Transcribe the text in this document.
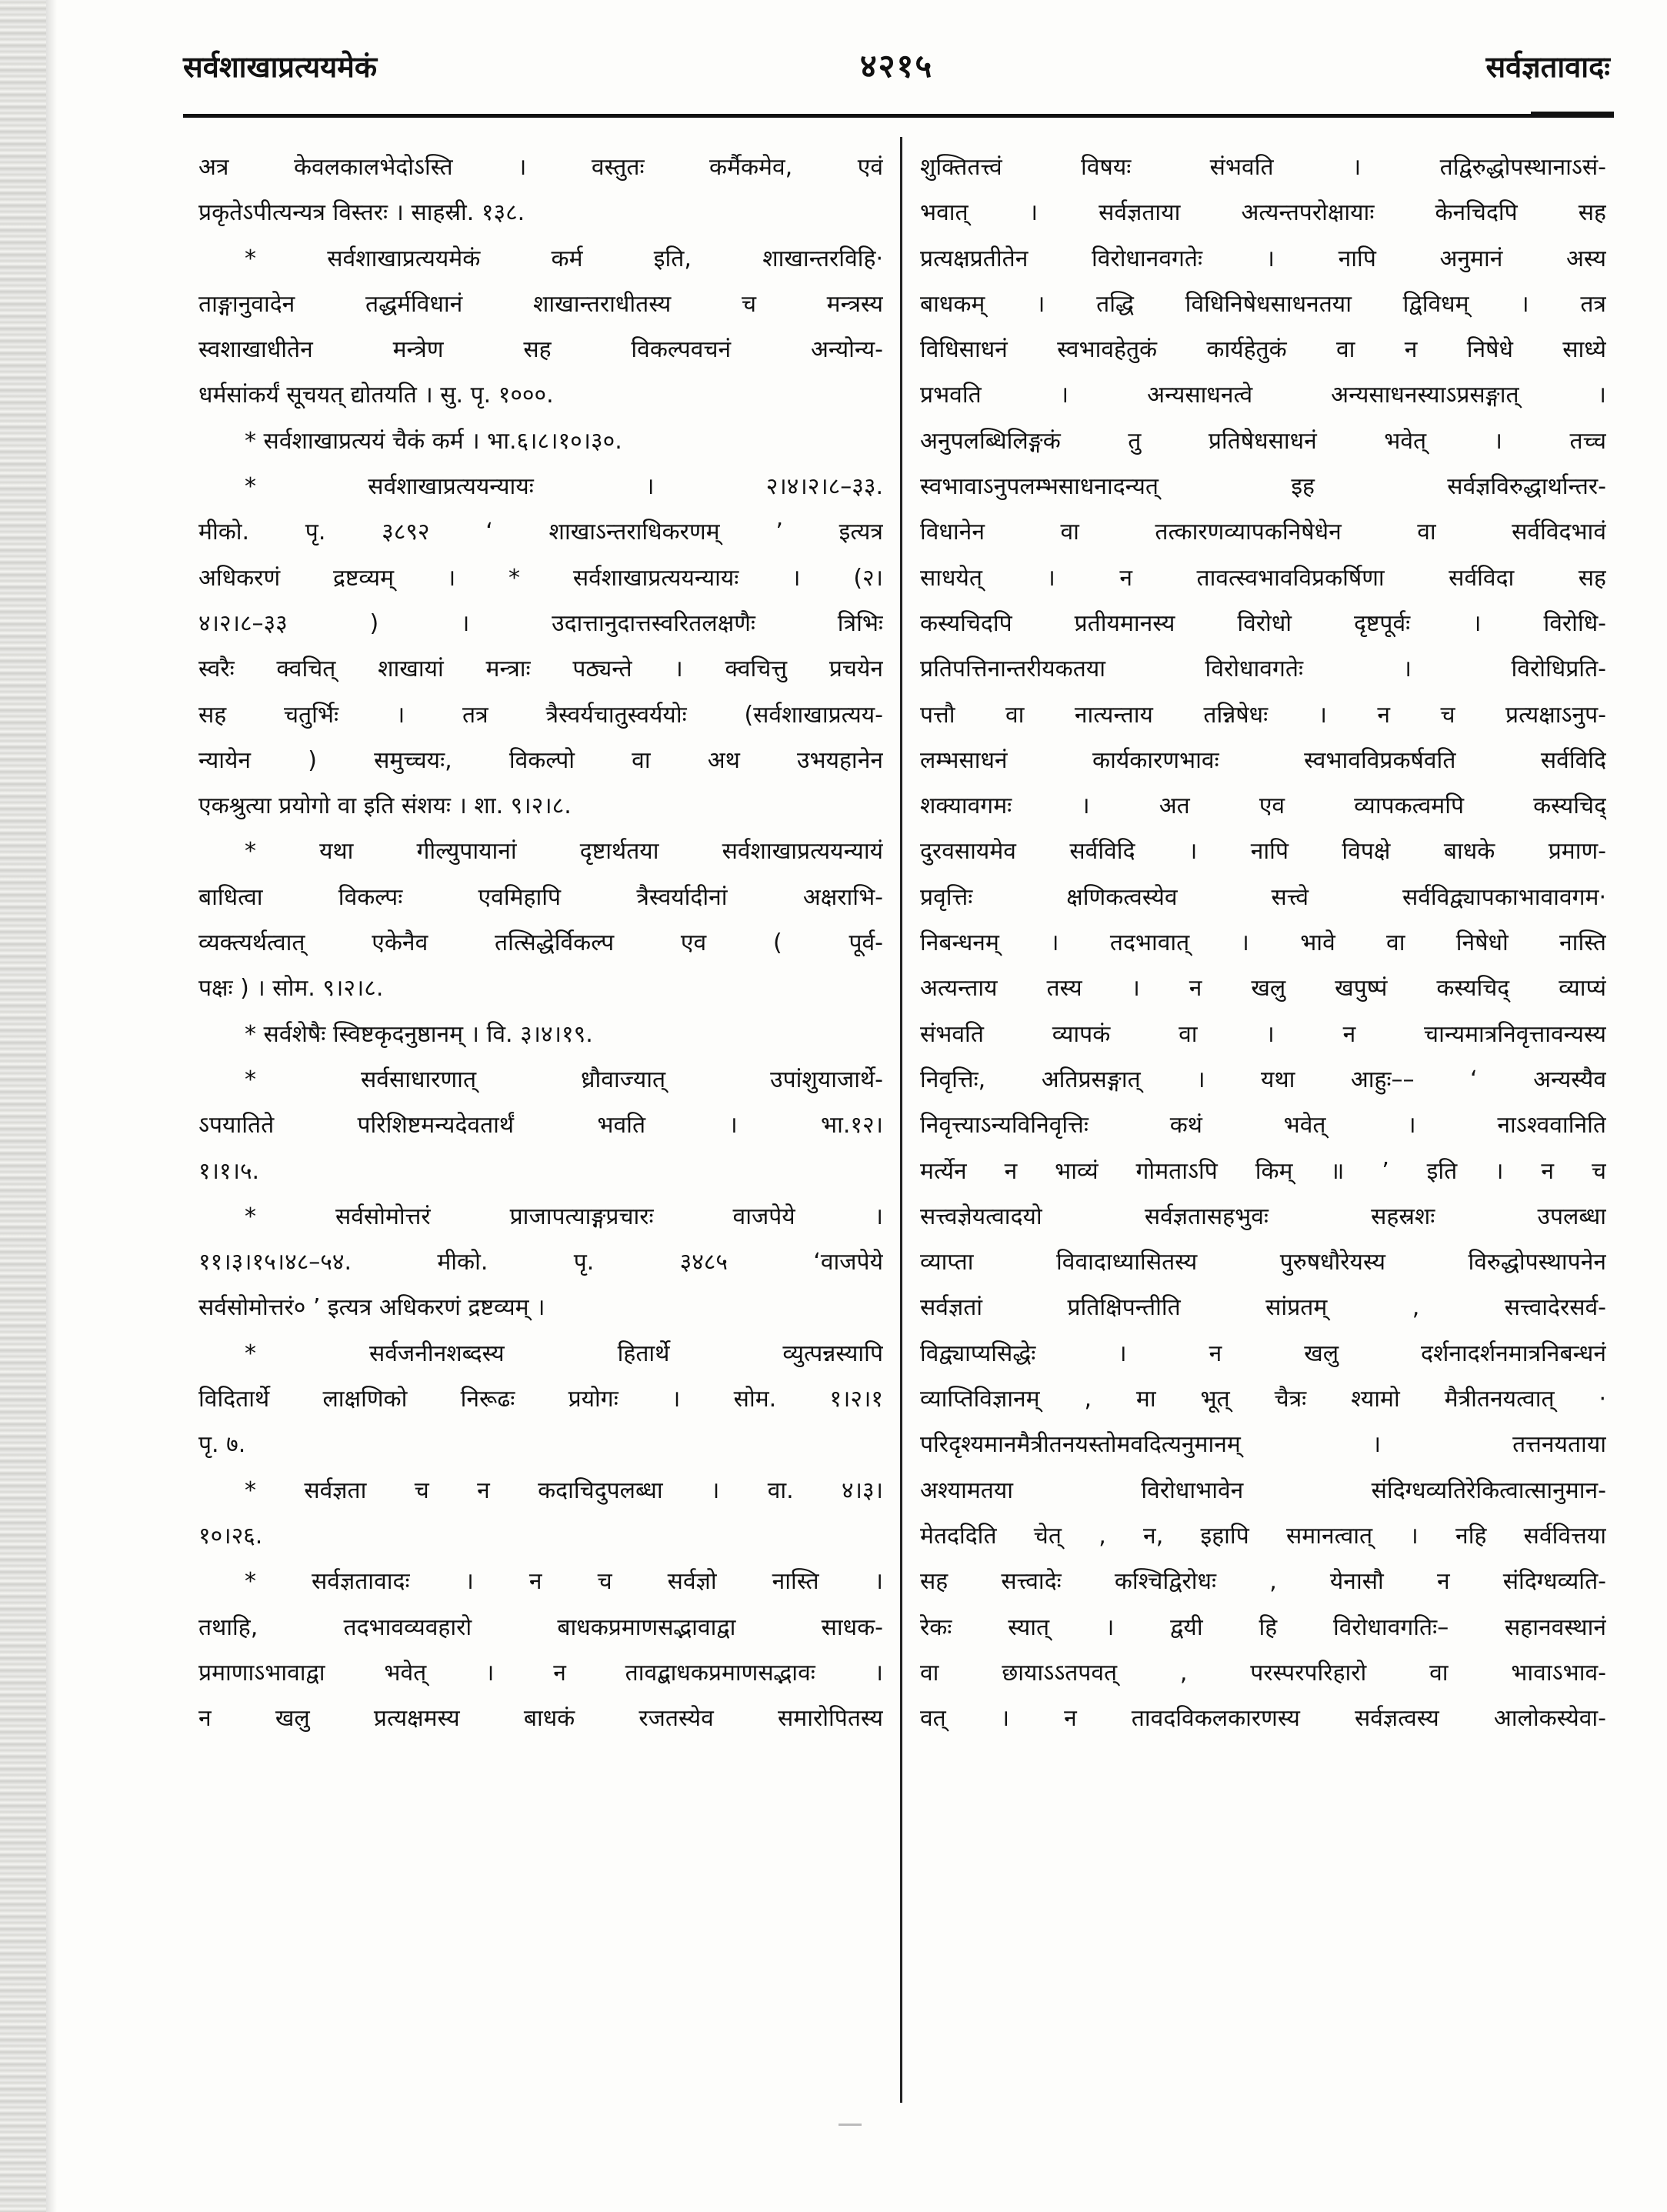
सर्वशाखाप्रत्ययमेकं	४२१५	सर्वज्ञतावादः
अत्र केवलकालभेदोऽस्ति । वस्तुतः कर्मैकमेव, एवं
प्रकृतेऽपीत्यन्यत्र विस्तरः । साहस्री. १३८.
* सर्वशाखाप्रत्ययमेकं कर्म इति, शाखान्तरविहि·
ताङ्गानुवादेन तद्धर्मविधानं शाखान्तराधीतस्य च मन्त्रस्य
स्वशाखाधीतेन मन्त्रेण सह विकल्पवचनं अन्योन्य-
धर्मसांकर्यं सूचयत् द्योतयति । सु. पृ. १०००.
* सर्वशाखाप्रत्ययं चैकं कर्म । भा.६।८।१०।३०.
* सर्वशाखाप्रत्ययन्यायः । २।४।२।८–३३.
मीको. पृ. ३८९२ ‘ शाखाऽन्तराधिकरणम् ’ इत्यत्र
अधिकरणं द्रष्टव्यम् । * सर्वशाखाप्रत्ययन्यायः । (२।
४।२।८–३३ ) । उदात्तानुदात्तस्वरितलक्षणैः त्रिभिः
स्वरैः क्वचित् शाखायां मन्त्राः पठ्यन्ते । क्वचित्तु प्रचयेन
सह चतुर्भिः । तत्र त्रैस्वर्यचातुस्वर्ययोः (सर्वशाखाप्रत्यय-
न्यायेन ) समुच्चयः, विकल्पो वा अथ उभयहानेन
एकश्रुत्या प्रयोगो वा इति संशयः । शा. ९।२।८.
* यथा गील्युपायानां दृष्टार्थतया सर्वशाखाप्रत्ययन्यायं
बाधित्वा विकल्पः एवमिहापि त्रैस्वर्यादीनां अक्षराभि-
व्यक्त्यर्थत्वात् एकेनैव तत्सिद्धेर्विकल्प एव ( पूर्व-
पक्षः ) । सोम. ९।२।८.
* सर्वशेषैः स्विष्टकृदनुष्ठानम् । वि. ३।४।१९.
* सर्वसाधारणात् ध्रौवाज्यात् उपांशुयाजार्थे-
ऽपयातिते परिशिष्टमन्यदेवतार्थं भवति । भा.१२।
१।१।५.
* सर्वसोमोत्तरं प्राजापत्याङ्गप्रचारः वाजपेये ।
११।३।१५।४८–५४. मीको. पृ. ३४८५ ‘वाजपेये
सर्वसोमोत्तरं० ’ इत्यत्र अधिकरणं द्रष्टव्यम् ।
* सर्वजनीनशब्दस्य हितार्थे व्युत्पन्नस्यापि
विदितार्थे लाक्षणिको निरूढः प्रयोगः । सोम. १।२।१
पृ. ७.
* सर्वज्ञता च न कदाचिदुपलब्धा । वा. ४।३।
१०।२६.
* सर्वज्ञतावादः । न च सर्वज्ञो नास्ति ।
तथाहि, तदभावव्यवहारो बाधकप्रमाणसद्भावाद्वा साधक-
प्रमाणाऽभावाद्वा भवेत् । न तावद्बाधकप्रमाणसद्भावः ।
न खलु प्रत्यक्षमस्य बाधकं रजतस्येव समारोपितस्य
शुक्तितत्त्वं विषयः संभवति । तद्विरुद्धोपस्थानाऽसं-
भवात् । सर्वज्ञताया अत्यन्तपरोक्षायाः केनचिदपि सह
प्रत्यक्षप्रतीतेन विरोधानवगतेः । नापि अनुमानं अस्य
बाधकम् । तद्धि विधिनिषेधसाधनतया द्विविधम् । तत्र
विधिसाधनं स्वभावहेतुकं कार्यहेतुकं वा न निषेधे साध्ये
प्रभवति । अन्यसाधनत्वे अन्यसाधनस्याऽप्रसङ्गात् ।
अनुपलब्धिलिङ्गकं तु प्रतिषेधसाधनं भवेत् । तच्च
स्वभावाऽनुपलम्भसाधनादन्यत् इह सर्वज्ञविरुद्धार्थान्तर-
विधानेन वा तत्कारणव्यापकनिषेधेन वा सर्वविदभावं
साधयेत् । न तावत्स्वभावविप्रकर्षिणा सर्वविदा सह
कस्यचिदपि प्रतीयमानस्य विरोधो दृष्टपूर्वः । विरोधि-
प्रतिपत्तिनान्तरीयकतया विरोधावगतेः । विरोधिप्रति-
पत्तौ वा नात्यन्ताय तन्निषेधः । न च प्रत्यक्षाऽनुप-
लम्भसाधनं कार्यकारणभावः स्वभावविप्रकर्षवति सर्वविदि
शक्यावगमः । अत एव व्यापकत्वमपि कस्यचिद्
दुरवसायमेव सर्वविदि । नापि विपक्षे बाधके प्रमाण-
प्रवृत्तिः क्षणिकत्वस्येव सत्त्वे सर्वविद्व्यापकाभावावगम·
निबन्धनम् । तदभावात् । भावे वा निषेधो नास्ति
अत्यन्ताय तस्य । न खलु खपुष्पं कस्यचिद् व्याप्यं
संभवति व्यापकं वा । न चान्यमात्रनिवृत्तावन्यस्य
निवृत्तिः, अतिप्रसङ्गात् । यथा आहुः–– ‘ अन्यस्यैव
निवृत्त्याऽन्यविनिवृत्तिः कथं भवेत् । नाऽश्ववानिति
मर्त्येन न भाव्यं गोमताऽपि किम् ॥ ’ इति । न च
सत्त्वज्ञेयत्वादयो सर्वज्ञतासहभुवः सहस्रशः उपलब्धा
व्याप्ता विवादाध्यासितस्य पुरुषधौरेयस्य विरुद्धोपस्थापनेन
सर्वज्ञतां प्रतिक्षिपन्तीति सांप्रतम् , सत्त्वादेरसर्व-
विद्व्याप्यसिद्धेः । न खलु दर्शनादर्शनमात्रनिबन्धनं
व्याप्तिविज्ञानम् , मा भूत् चैत्रः श्यामो मैत्रीतनयत्वात् ·
परिदृश्यमानमैत्रीतनयस्तोमवदित्यनुमानम् । तत्तनयताया
अश्यामतया विरोधाभावेन संदिग्धव्यतिरेकित्वात्सानुमान-
मेतददिति चेत् , न, इहापि समानत्वात् । नहि सर्ववित्तया
सह सत्त्वादेः कश्चिद्विरोधः , येनासौ न संदिग्धव्यति-
रेकः स्यात् । द्वयी हि विरोधावगतिः– सहानवस्थानं
वा छायाऽऽतपवत् , परस्परपरिहारो वा भावाऽभाव-
वत् । न तावदविकलकारणस्य सर्वज्ञत्वस्य आलोकस्येवा-
